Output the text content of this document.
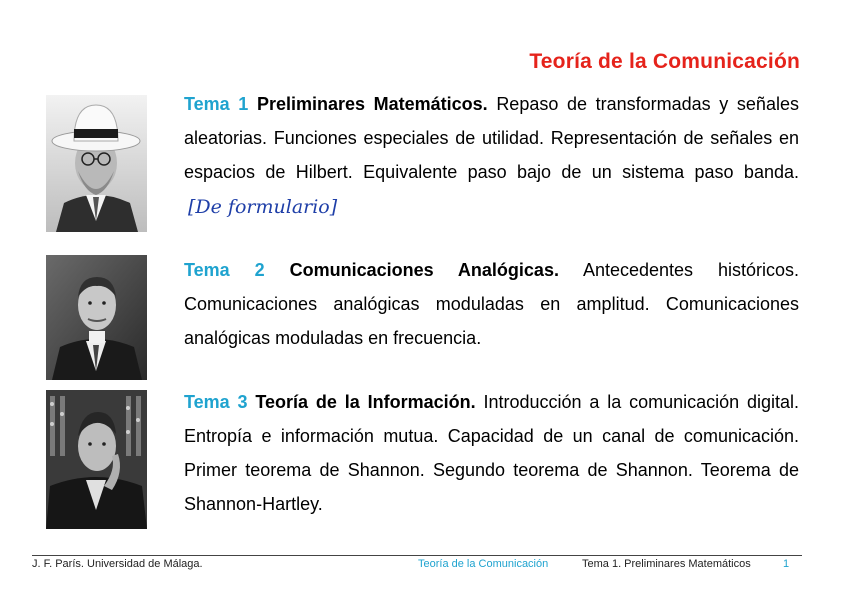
Teoría de la Comunicación
Tema 1 Preliminares Matemáticos. Repaso de transformadas y señales aleatorias. Funciones especiales de utilidad. Representación de señales en espacios de Hilbert. Equivalente paso bajo de un sistema paso banda.
[De formulario]
Tema 2 Comunicaciones Analógicas. Antecedentes históricos. Comunicaciones analógicas moduladas en amplitud. Comunicaciones analógicas moduladas en frecuencia.
Tema 3 Teoría de la Información. Introducción a la comunicación digital. Entropía e información mutua. Capacidad de un canal de comunicación. Primer teorema de Shannon. Segundo teorema de Shannon. Teorema de Shannon-Hartley.
J. F. París. Universidad de Málaga.	Teoría de la Comunicación	Tema 1. Preliminares Matemáticos	1
